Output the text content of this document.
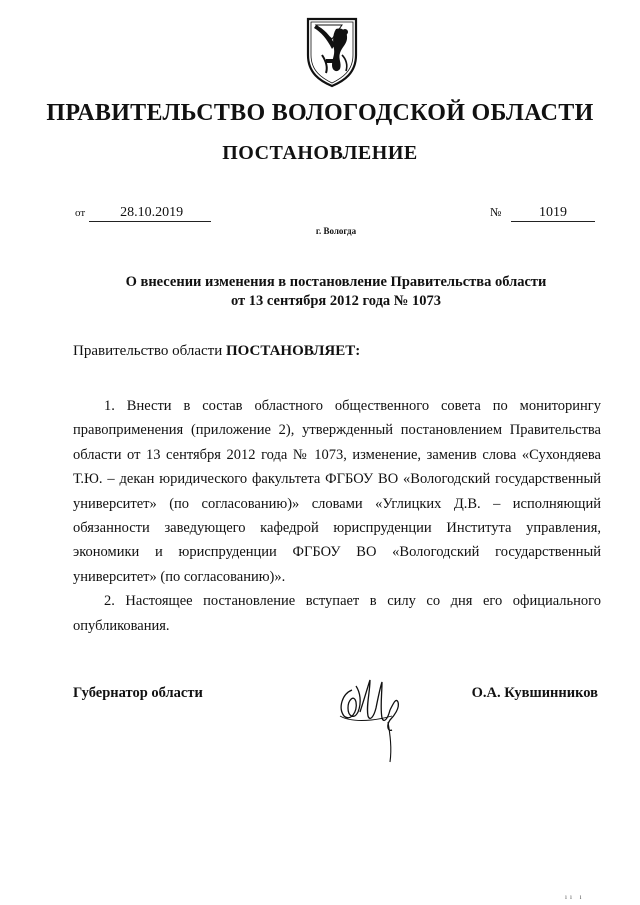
ПРАВИТЕЛЬСТВО ВОЛОГОДСКОЙ ОБЛАСТИ
ПОСТАНОВЛЕНИЕ
от	28.10.2019	№	1019
г. Вологда
О внесении изменения в постановление Правительства области
от 13 сентября 2012 года № 1073
Правительство области ПОСТАНОВЛЯЕТ:

1. Внести в состав областного общественного совета по мониторингу правоприменения (приложение 2), утвержденный постановлением Правительства области от 13 сентября 2012 года № 1073, изменение, заменив слова «Сухондяева Т.Ю. – декан юридического факультета ФГБОУ ВО «Вологодский государственный университет» (по согласованию)» словами «Углицких Д.В. – исполняющий обязанности заведующего кафедрой юриспруденции Института управления, экономики и юриспруденции ФГБОУ ВО «Вологодский государственный университет» (по согласованию)».

2. Настоящее постановление вступает в силу со дня его официального опубликования.

Губернатор области	О.А. Кувшинников
ıı ı
